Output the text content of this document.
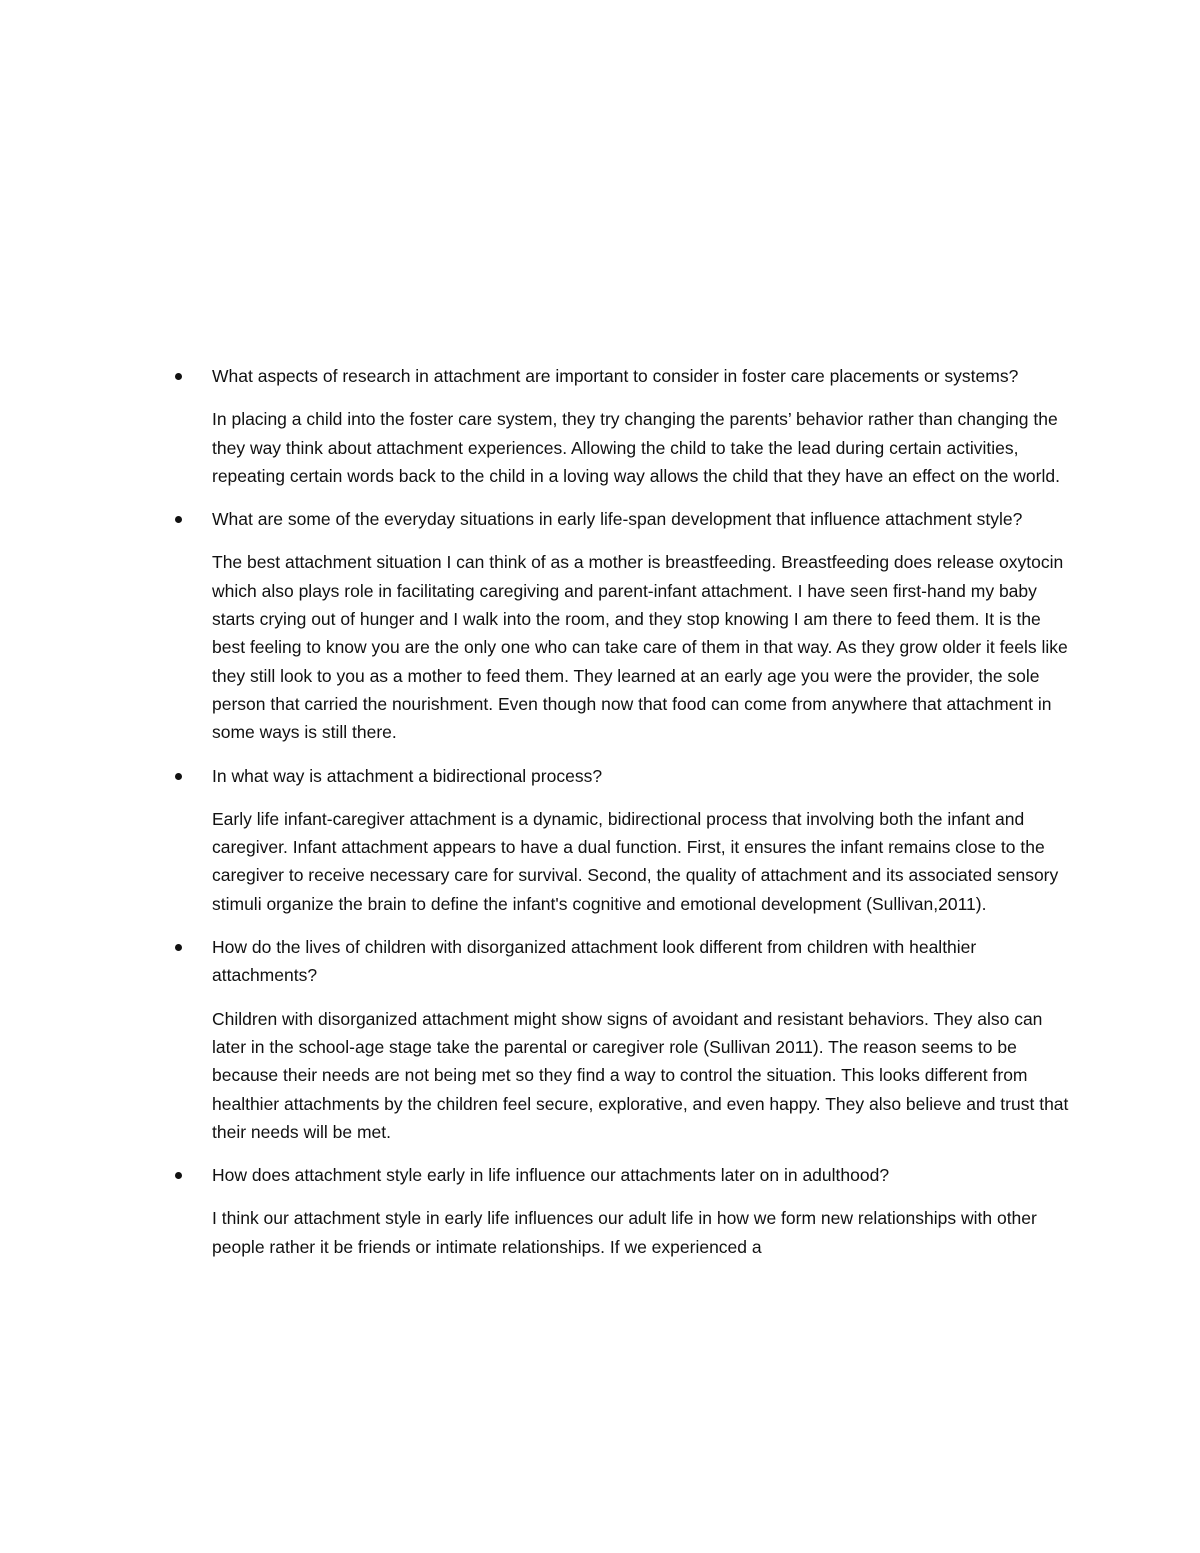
What aspects of research in attachment are important to consider in foster care placements or systems?

In placing a child into the foster care system, they try changing the parents’ behavior rather than changing the they way think about attachment experiences. Allowing the child to take the lead during certain activities, repeating certain words back to the child in a loving way allows the child that they have an effect on the world.

What are some of the everyday situations in early life-span development that influence attachment style?

The best attachment situation I can think of as a mother is breastfeeding. Breastfeeding does release oxytocin which also plays role in facilitating caregiving and parent-infant attachment. I have seen first-hand my baby starts crying out of hunger and I walk into the room, and they stop knowing I am there to feed them. It is the best feeling to know you are the only one who can take care of them in that way. As they grow older it feels like they still look to you as a mother to feed them. They learned at an early age you were the provider, the sole person that carried the nourishment. Even though now that food can come from anywhere that attachment in some ways is still there.

In what way is attachment a bidirectional process?

Early life infant-caregiver attachment is a dynamic, bidirectional process that involving both the infant and caregiver. Infant attachment appears to have a dual function. First, it ensures the infant remains close to the caregiver to receive necessary care for survival. Second, the quality of attachment and its associated sensory stimuli organize the brain to define the infant's cognitive and emotional development (Sullivan,2011).

How do the lives of children with disorganized attachment look different from children with healthier attachments?

Children with disorganized attachment might show signs of avoidant and resistant behaviors. They also can later in the school-age stage take the parental or caregiver role (Sullivan 2011). The reason seems to be because their needs are not being met so they find a way to control the situation. This looks different from healthier attachments by the children feel secure, explorative, and even happy. They also believe and trust that their needs will be met.

How does attachment style early in life influence our attachments later on in adulthood?

I think our attachment style in early life influences our adult life in how we form new relationships with other people rather it be friends or intimate relationships. If we experienced a
